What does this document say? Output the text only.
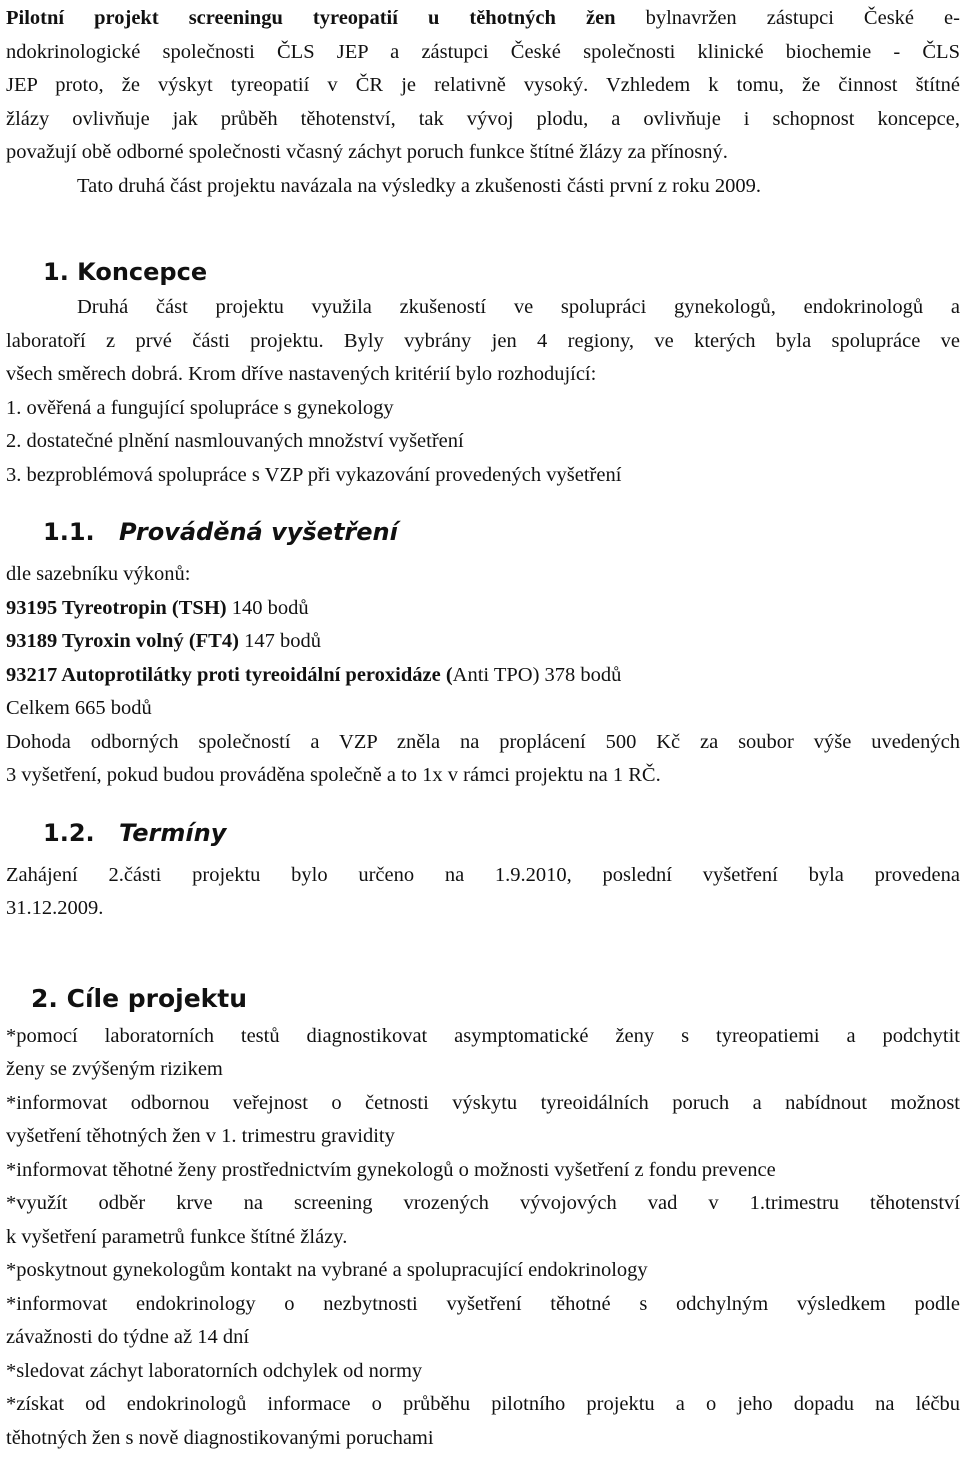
Pilotní projekt screeningu tyreopatií u těhotných žen bylnavržen zástupci České e-
ndokrinologické společnosti ČLS JEP a zástupci České společnosti klinické biochemie - ČLS
JEP proto, že výskyt tyreopatií v ČR je relativně vysoký. Vzhledem k tomu, že činnost štítné
žlázy ovlivňuje jak průběh těhotenství, tak vývoj plodu, a ovlivňuje i schopnost koncepce,
považují obě odborné společnosti včasný záchyt poruch funkce štítné žlázy za přínosný.

Tato druhá část projektu navázala na výsledky a zkušenosti části první z roku 2009.

1. Koncepce

Druhá část projektu využila zkušeností ve spolupráci gynekologů, endokrinologů a
laboratoří z prvé části projektu. Byly vybrány jen 4 regiony, ve kterých byla spolupráce ve
všech směrech dobrá. Krom dříve nastavených kritérií bylo rozhodující:
1. ověřená a fungující spolupráce s gynekology
2. dostatečné plnění nasmlouvaných množství vyšetření
3. bezproblémová spolupráce s VZP při vykazování provedených vyšetření

1.1. Prováděná vyšetření

dle sazebníku výkonů:
93195 Tyreotropin (TSH) 140 bodů
93189 Tyroxin volný (FT4) 147 bodů
93217 Autoprotilátky proti tyreoidální peroxidáze (Anti TPO) 378 bodů
Celkem 665 bodů
Dohoda odborných společností a VZP zněla na proplácení 500 Kč za soubor výše uvedených
3 vyšetření, pokud budou prováděna společně a to 1x v rámci projektu na 1 RČ.

1.2. Termíny

Zahájení 2.části projektu bylo určeno na 1.9.2010, poslední vyšetření byla provedena
31.12.2009.

2. Cíle projektu

*pomocí laboratorních testů diagnostikovat asymptomatické ženy s tyreopatiemi a podchytit
ženy se zvýšeným rizikem
*informovat odbornou veřejnost o četnosti výskytu tyreoidálních poruch a nabídnout možnost
vyšetření těhotných žen v 1. trimestru gravidity
*informovat těhotné ženy prostřednictvím gynekologů o možnosti vyšetření z fondu prevence
*využít odběr krve na screening vrozených vývojových vad v 1.trimestru těhotenství
k vyšetření parametrů funkce štítné žlázy.
*poskytnout gynekologům kontakt na vybrané a spolupracující endokrinology
*informovat endokrinology o nezbytnosti vyšetření těhotné s odchylným výsledkem podle
závažnosti do týdne až 14 dní
*sledovat záchyt laboratorních odchylek od normy
*získat od endokrinologů informace o průběhu pilotního projektu a o jeho dopadu na léčbu
těhotných žen s nově diagnostikovanými poruchami
